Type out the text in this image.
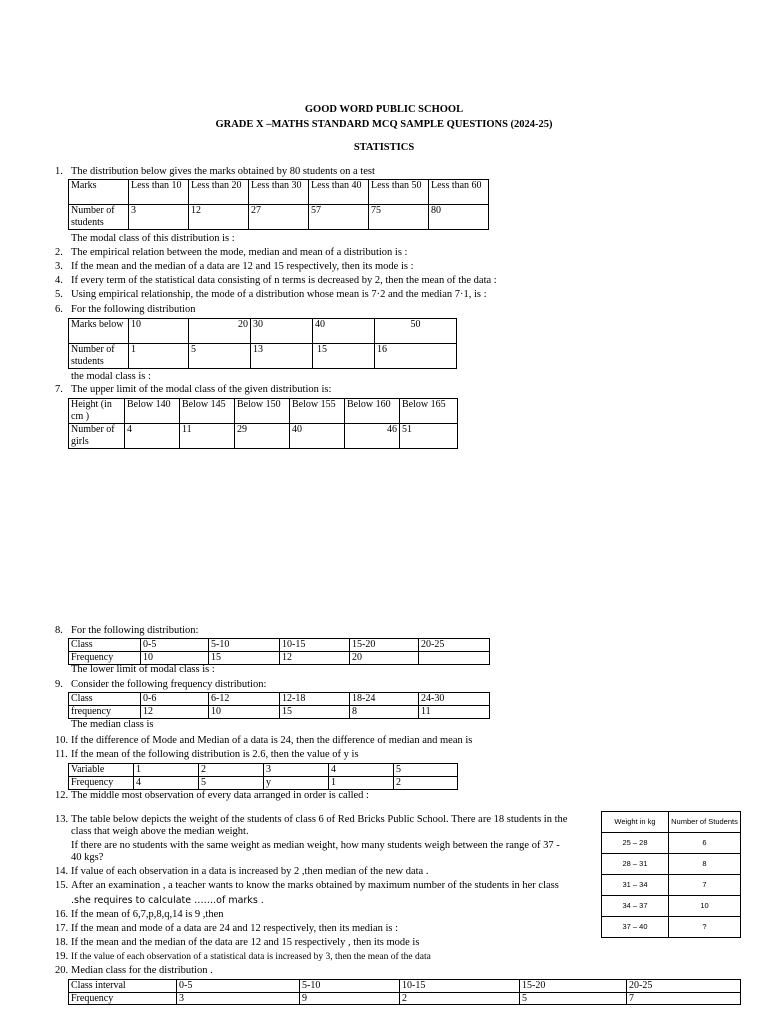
GOOD WORD PUBLIC SCHOOL
GRADE X –MATHS STANDARD MCQ SAMPLE QUESTIONS (2024-25)
STATISTICS
1. The distribution below gives the marks obtained by 80 students on a test
Marks	Less than 10	Less than 20	Less than 30	Less than 40	Less than 50	Less than 60
Number of students	3	12	27	57	75	80
The modal class of this distribution is :
2. The empirical relation between the mode, median and mean of a distribution is :
3. If the mean and the median of a data are 12 and 15 respectively, then its mode is :
4. If every term of the statistical data consisting of n terms is decreased by 2, then the mean of the data :
5. Using empirical relationship, the mode of a distribution whose mean is 7·2 and the median 7·1, is :
6. For the following distribution
Marks below	10	20	30	40	50
Number of students	1	5	13	15	16
the modal class is :
7. The upper limit of the modal class of the given distribution is:
Height (in cm )	Below 140	Below 145	Below 150	Below 155	Below 160	Below 165
Number of girls	4	11	29	40	46	51
8. For the following distribution:
Class	0-5	5-10	10-15	15-20	20-25
Frequency	10	15	12	20	
The lower limit of modal class is :
9. Consider the following frequency distribution:
Class	0-6	6-12	12-18	18-24	24-30
frequency	12	10	15	8	11
The median class is
10. If the difference of Mode and Median of a data is 24, then the difference of median and mean is
11. If the mean of the following distribution is 2.6, then the value of y is
Variable	1	2	3	4	5
Frequency	4	5	y	1	2
12. The middle most observation of every data arranged in order is called :
13. The table below depicts the weight of the students of class 6 of Red Bricks Public School. There are 18 students in the
class that weigh above the median weight.
If there are no students with the same weight as median weight, how many students weigh between the range of 37 -
40 kgs?
Weight in kg	Number of Students
25 – 28	6
28 – 31	8
31 – 34	7
34 – 37	10
37 – 40	?
14. If value of each observation in a data is increased by 2 ,then median of the new data .
15. After an examination , a teacher wants to know the marks obtained by maximum number of the students in her class
.she requires to calculate …….of marks .
16. If the mean of 6,7,p,8,q,14 is 9 ,then
17. If the mean and mode of a data are 24 and 12 respectively, then its median is :
18. If the mean and the median of the data are 12 and 15 respectively , then its mode is
19. If the value of each observation of a statistical data is increased by 3, then the mean of the data
20. Median class for the distribution .
Class interval	0-5	5-10	10-15	15-20	20-25
Frequency	3	9	2	5	7
